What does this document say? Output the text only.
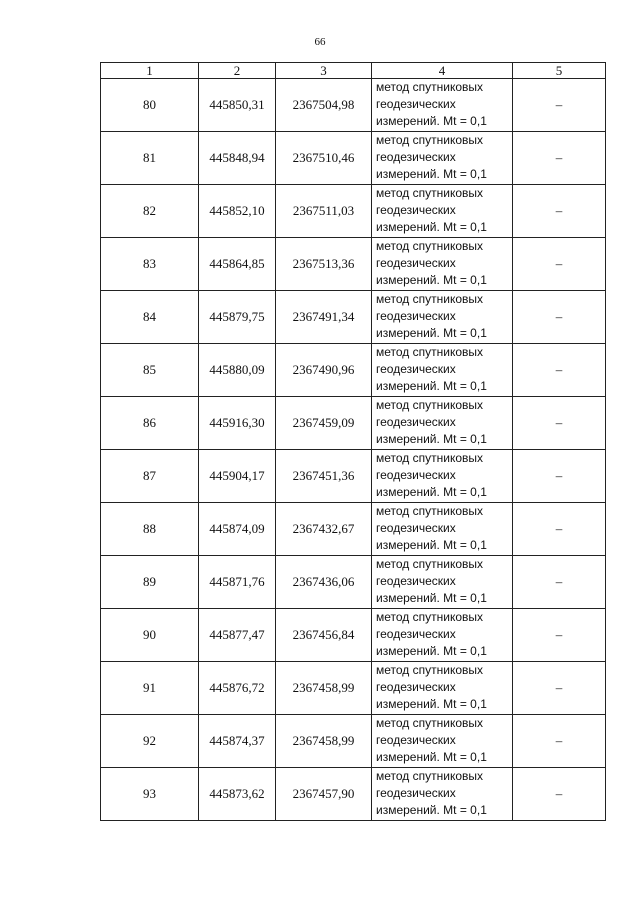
66
1	2	3	4	5
80	445850,31	2367504,98	метод спутниковых
геодезических
измерений. Mt = 0,1	–
81	445848,94	2367510,46	метод спутниковых
геодезических
измерений. Mt = 0,1	–
82	445852,10	2367511,03	метод спутниковых
геодезических
измерений. Mt = 0,1	–
83	445864,85	2367513,36	метод спутниковых
геодезических
измерений. Mt = 0,1	–
84	445879,75	2367491,34	метод спутниковых
геодезических
измерений. Mt = 0,1	–
85	445880,09	2367490,96	метод спутниковых
геодезических
измерений. Mt = 0,1	–
86	445916,30	2367459,09	метод спутниковых
геодезических
измерений. Mt = 0,1	–
87	445904,17	2367451,36	метод спутниковых
геодезических
измерений. Mt = 0,1	–
88	445874,09	2367432,67	метод спутниковых
геодезических
измерений. Mt = 0,1	–
89	445871,76	2367436,06	метод спутниковых
геодезических
измерений. Mt = 0,1	–
90	445877,47	2367456,84	метод спутниковых
геодезических
измерений. Mt = 0,1	–
91	445876,72	2367458,99	метод спутниковых
геодезических
измерений. Mt = 0,1	–
92	445874,37	2367458,99	метод спутниковых
геодезических
измерений. Mt = 0,1	–
93	445873,62	2367457,90	метод спутниковых
геодезических
измерений. Mt = 0,1	–
